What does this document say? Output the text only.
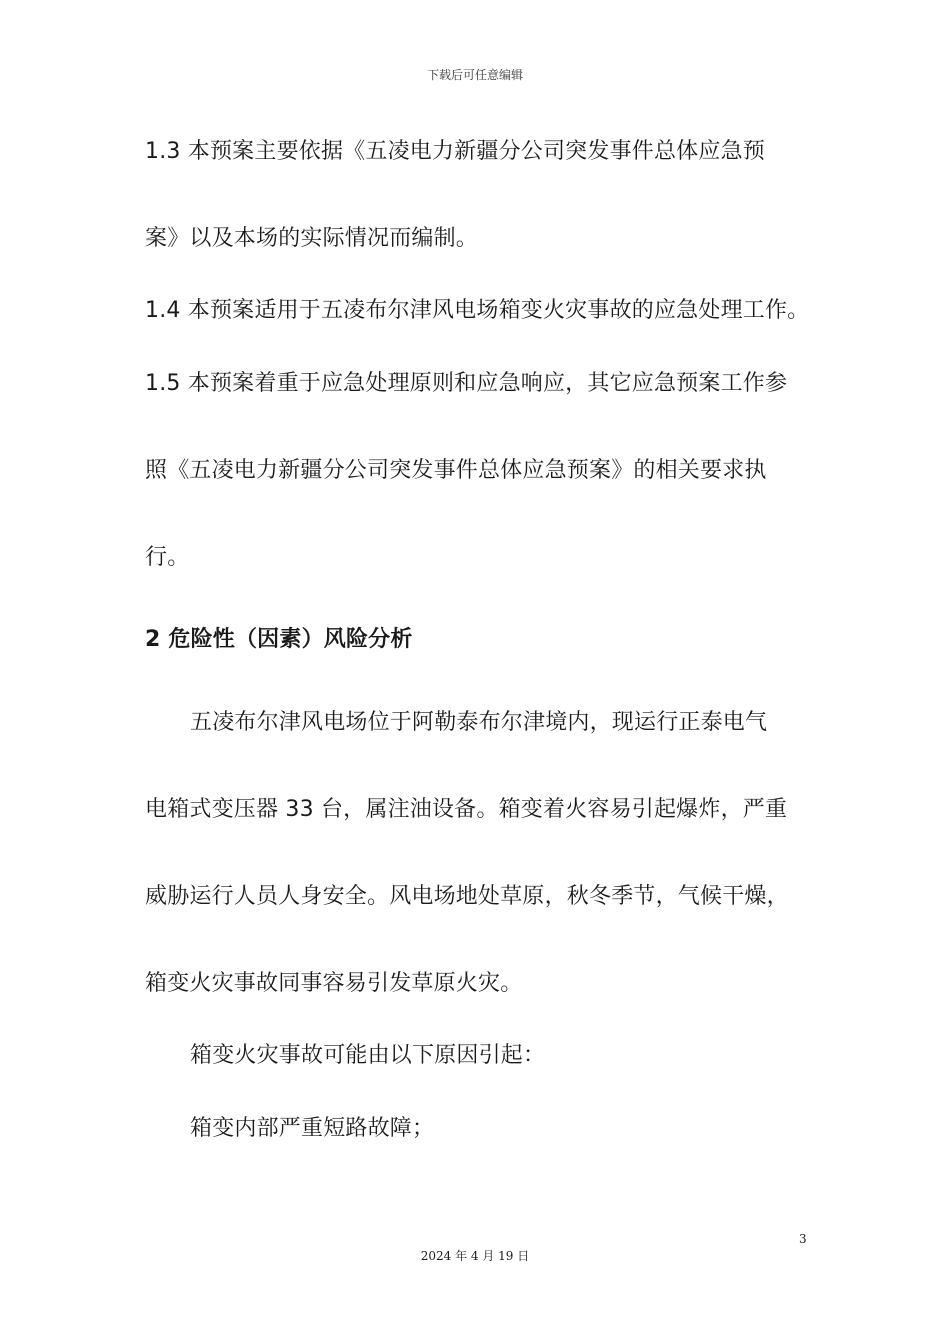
下载后可任意编辑
1.3 本预案主要依据《五凌电力新疆分公司突发事件总体应急预
案》以及本场的实际情况而编制。
1.4 本预案适用于五凌布尔津风电场箱变火灾事故的应急处理工作。
1.5 本预案着重于应急处理原则和应急响应，其它应急预案工作参
照《五凌电力新疆分公司突发事件总体应急预案》的相关要求执
行。
2 危险性（因素）风险分析
五凌布尔津风电场位于阿勒泰布尔津境内，现运行正泰电气
电箱式变压器 33 台，属注油设备。箱变着火容易引起爆炸，严重
威胁运行人员人身安全。风电场地处草原，秋冬季节，气候干燥，
箱变火灾事故同事容易引发草原火灾。
箱变火灾事故可能由以下原因引起：
箱变内部严重短路故障；
3
2024 年 4 月 19 日
